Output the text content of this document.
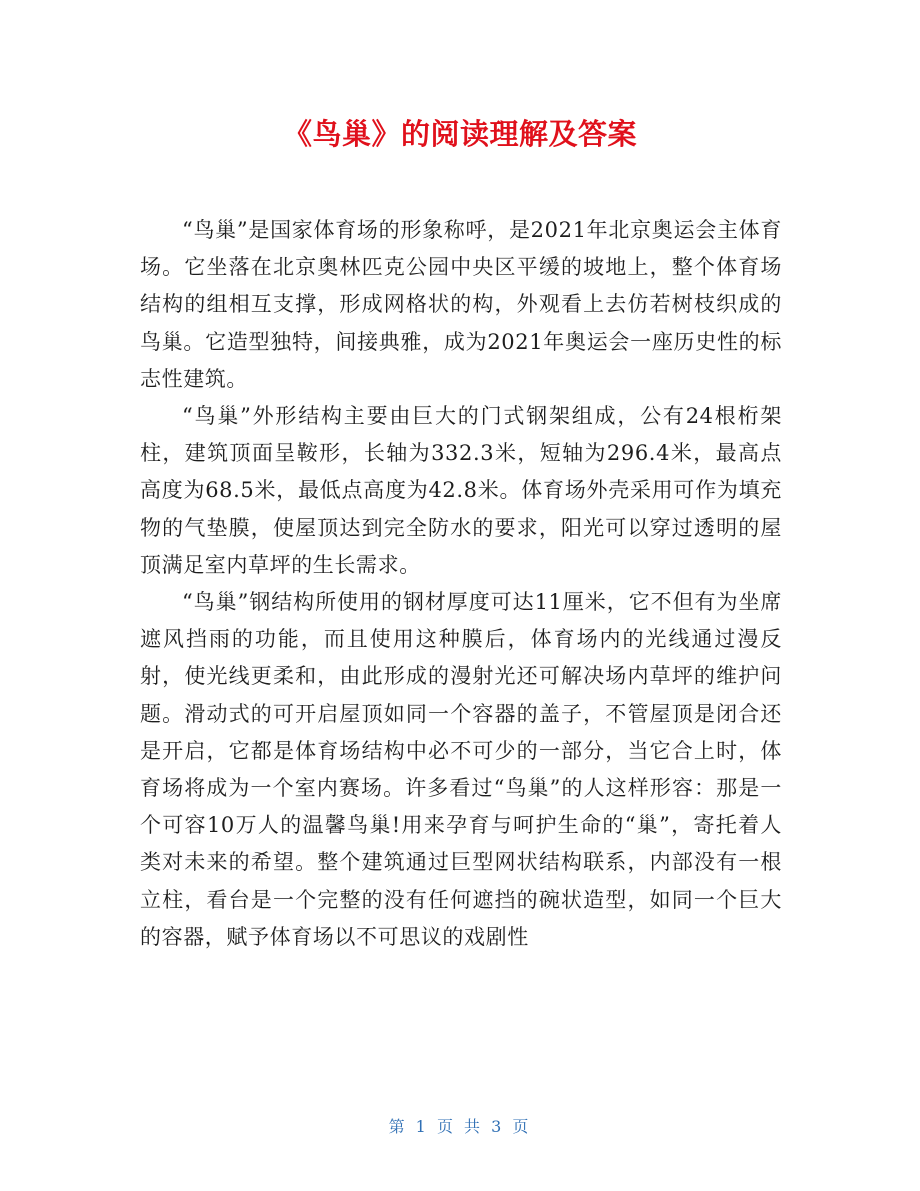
《鸟巢》的阅读理解及答案

“鸟巢”是国家体育场的形象称呼，是2021年北京奥运会主体育场。它坐落在北京奥林匹克公园中央区平缓的坡地上，整个体育场结构的组相互支撑，形成网格状的构，外观看上去仿若树枝织成的鸟巢。它造型独特，间接典雅，成为2021年奥运会一座历史性的标志性建筑。

“鸟巢”外形结构主要由巨大的门式钢架组成，公有24根桁架柱，建筑顶面呈鞍形，长轴为332.3米，短轴为296.4米，最高点高度为68.5米，最低点高度为42.8米。体育场外壳采用可作为填充物的气垫膜，使屋顶达到完全防水的要求，阳光可以穿过透明的屋顶满足室内草坪的生长需求。

“鸟巢”钢结构所使用的钢材厚度可达11厘米，它不但有为坐席遮风挡雨的功能，而且使用这种膜后，体育场内的光线通过漫反射，使光线更柔和，由此形成的漫射光还可解决场内草坪的维护问题。滑动式的可开启屋顶如同一个容器的盖子，不管屋顶是闭合还是开启，它都是体育场结构中必不可少的一部分，当它合上时，体育场将成为一个室内赛场。许多看过“鸟巢”的人这样形容：那是一个可容10万人的温馨鸟巢!用来孕育与呵护生命的“巢”，寄托着人类对未来的希望。整个建筑通过巨型网状结构联系，内部没有一根立柱，看台是一个完整的没有任何遮挡的碗状造型，如同一个巨大的容器，赋予体育场以不可思议的戏剧性

第 1 页 共 3 页
